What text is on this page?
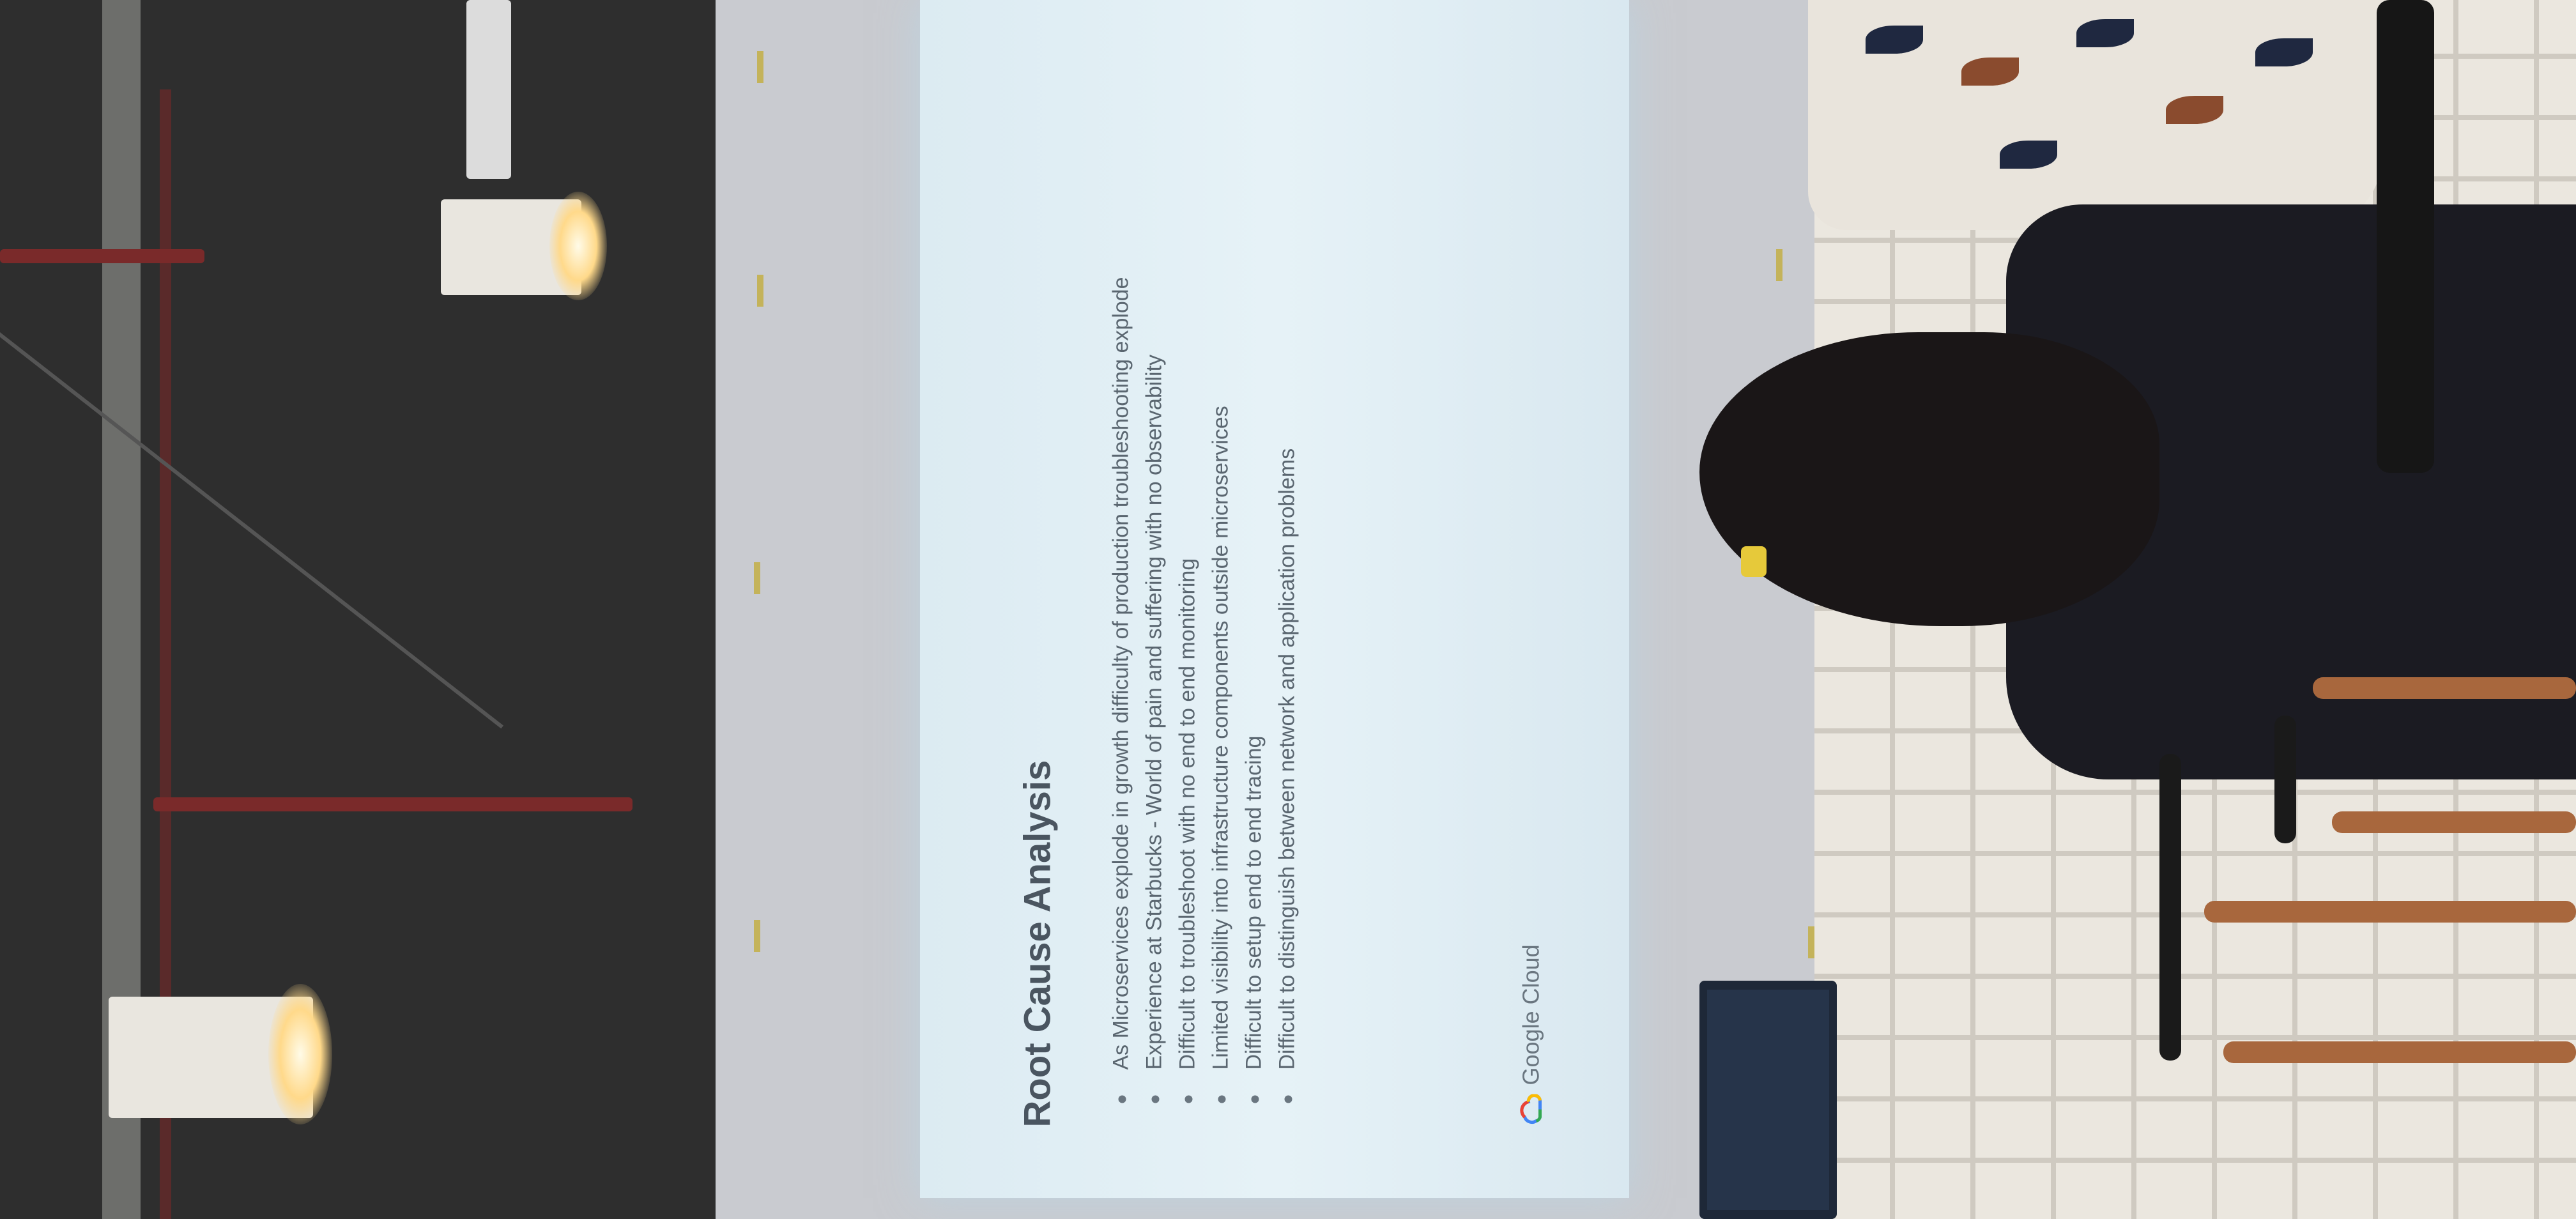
Root Cause Analysis As Microservices explode in growth difficulty of production troubleshooting explode Experience at Starbucks - World of pain and suffering with no observability Difficult to troubleshoot with no end to end monitoring Limited visibility into infrastructure components outside microservices Difficult to setup end to end tracing Difficult to distinguish between network and application problems	Google Cloud
